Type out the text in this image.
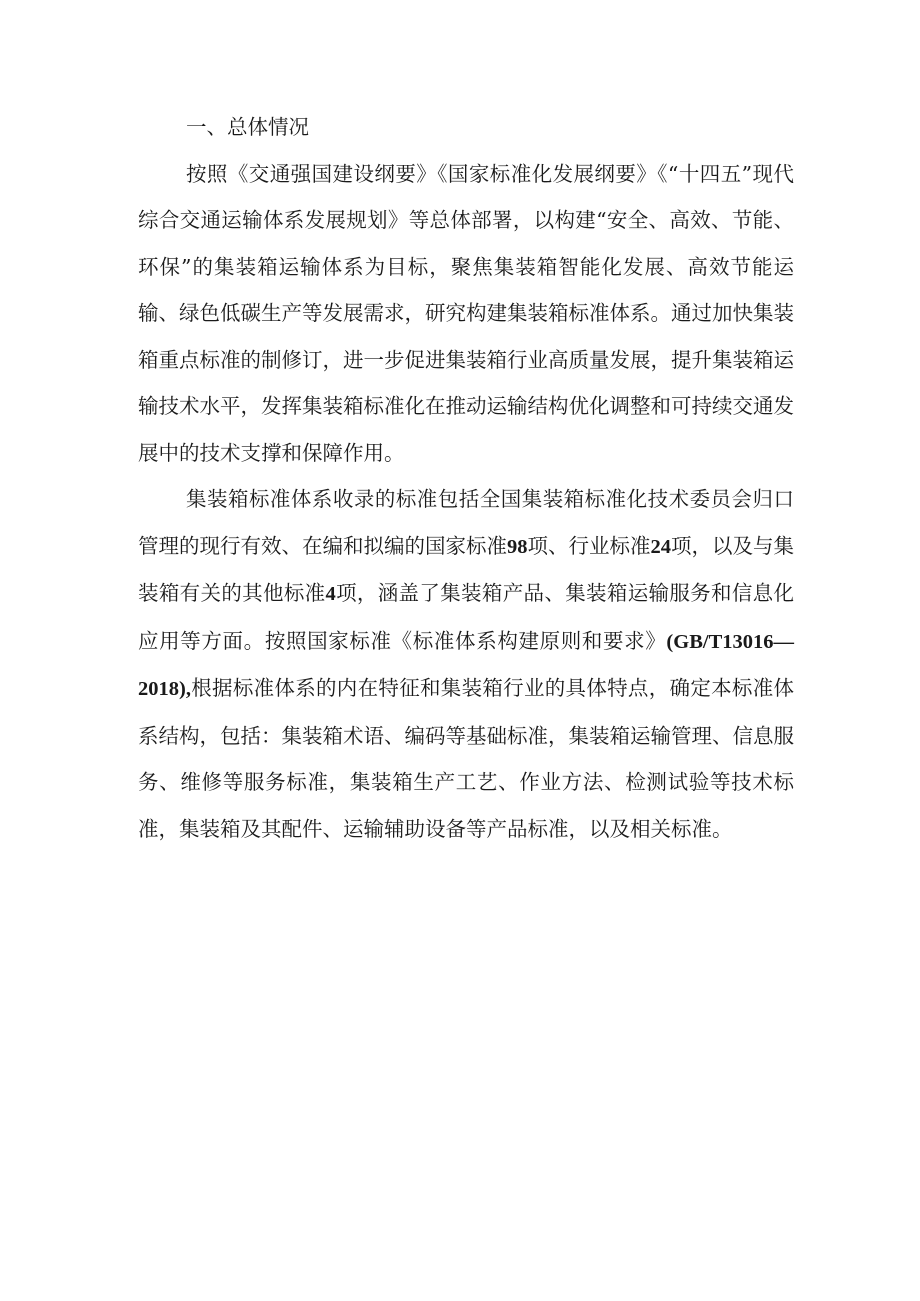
一、总体情况

按照《交通强国建设纲要》《国家标准化发展纲要》《“十四五”现代综合交通运输体系发展规划》等总体部署，以构建“安全、高效、节能、环保”的集装箱运输体系为目标，聚焦集装箱智能化发展、高效节能运输、绿色低碳生产等发展需求，研究构建集装箱标准体系。通过加快集装箱重点标准的制修订，进一步促进集装箱行业高质量发展，提升集装箱运输技术水平，发挥集装箱标准化在推动运输结构优化调整和可持续交通发展中的技术支撑和保障作用。

集装箱标准体系收录的标准包括全国集装箱标准化技术委员会归口管理的现行有效、在编和拟编的国家标准98项、行业标准24项，以及与集装箱有关的其他标准4项，涵盖了集装箱产品、集装箱运输服务和信息化应用等方面。按照国家标准《标准体系构建原则和要求》(GB/T13016—2018),根据标准体系的内在特征和集装箱行业的具体特点，确定本标准体系结构，包括：集装箱术语、编码等基础标准，集装箱运输管理、信息服务、维修等服务标准，集装箱生产工艺、作业方法、检测试验等技术标准，集装箱及其配件、运输辅助设备等产品标准，以及相关标准。
